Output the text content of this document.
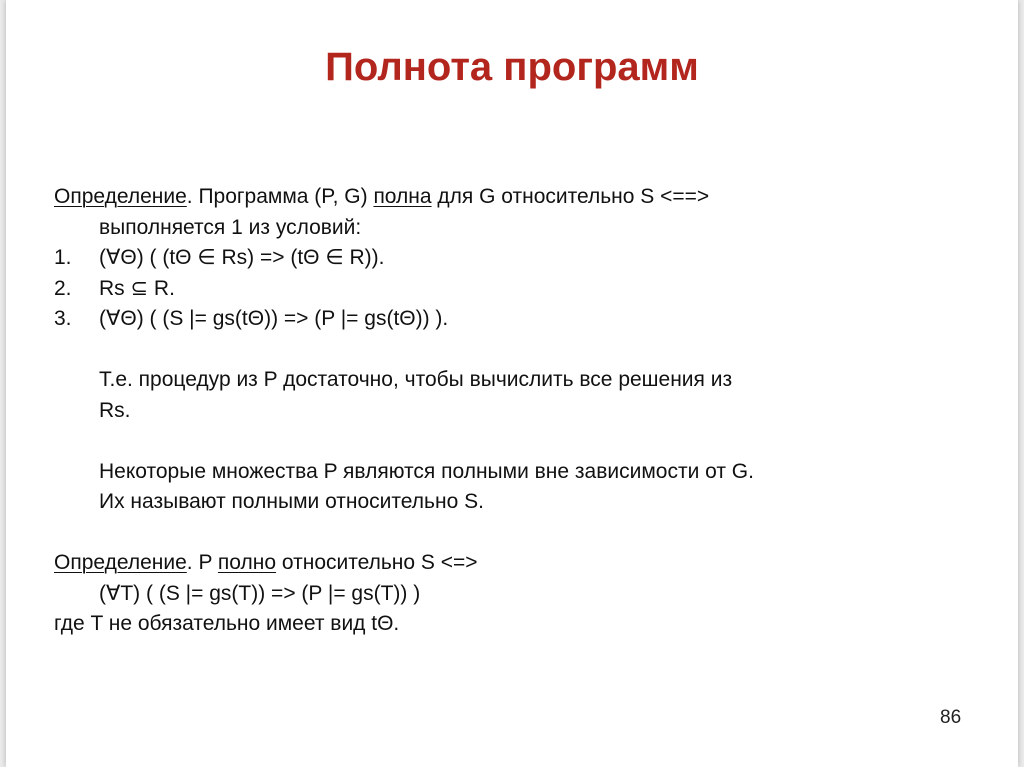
Полнота программ
Определение. Программа (P, G) полна для G относительно S <==>
выполняется 1 из условий:
1. (∀Θ) ( (tΘ ∈ Rs) => (tΘ ∈ R)).
2. Rs ⊆ R.
3. (∀Θ) ( (S |= gs(tΘ)) => (P |= gs(tΘ)) ).
Т.е. процедур из P достаточно, чтобы вычислить все решения из
Rs.
Некоторые множества P являются полными вне зависимости от G.
Их называют полными относительно S.
Определение. P полно относительно S <=>
(∀T) ( (S |= gs(T)) => (P |= gs(T)) )
где T не обязательно имеет вид tΘ.
86
